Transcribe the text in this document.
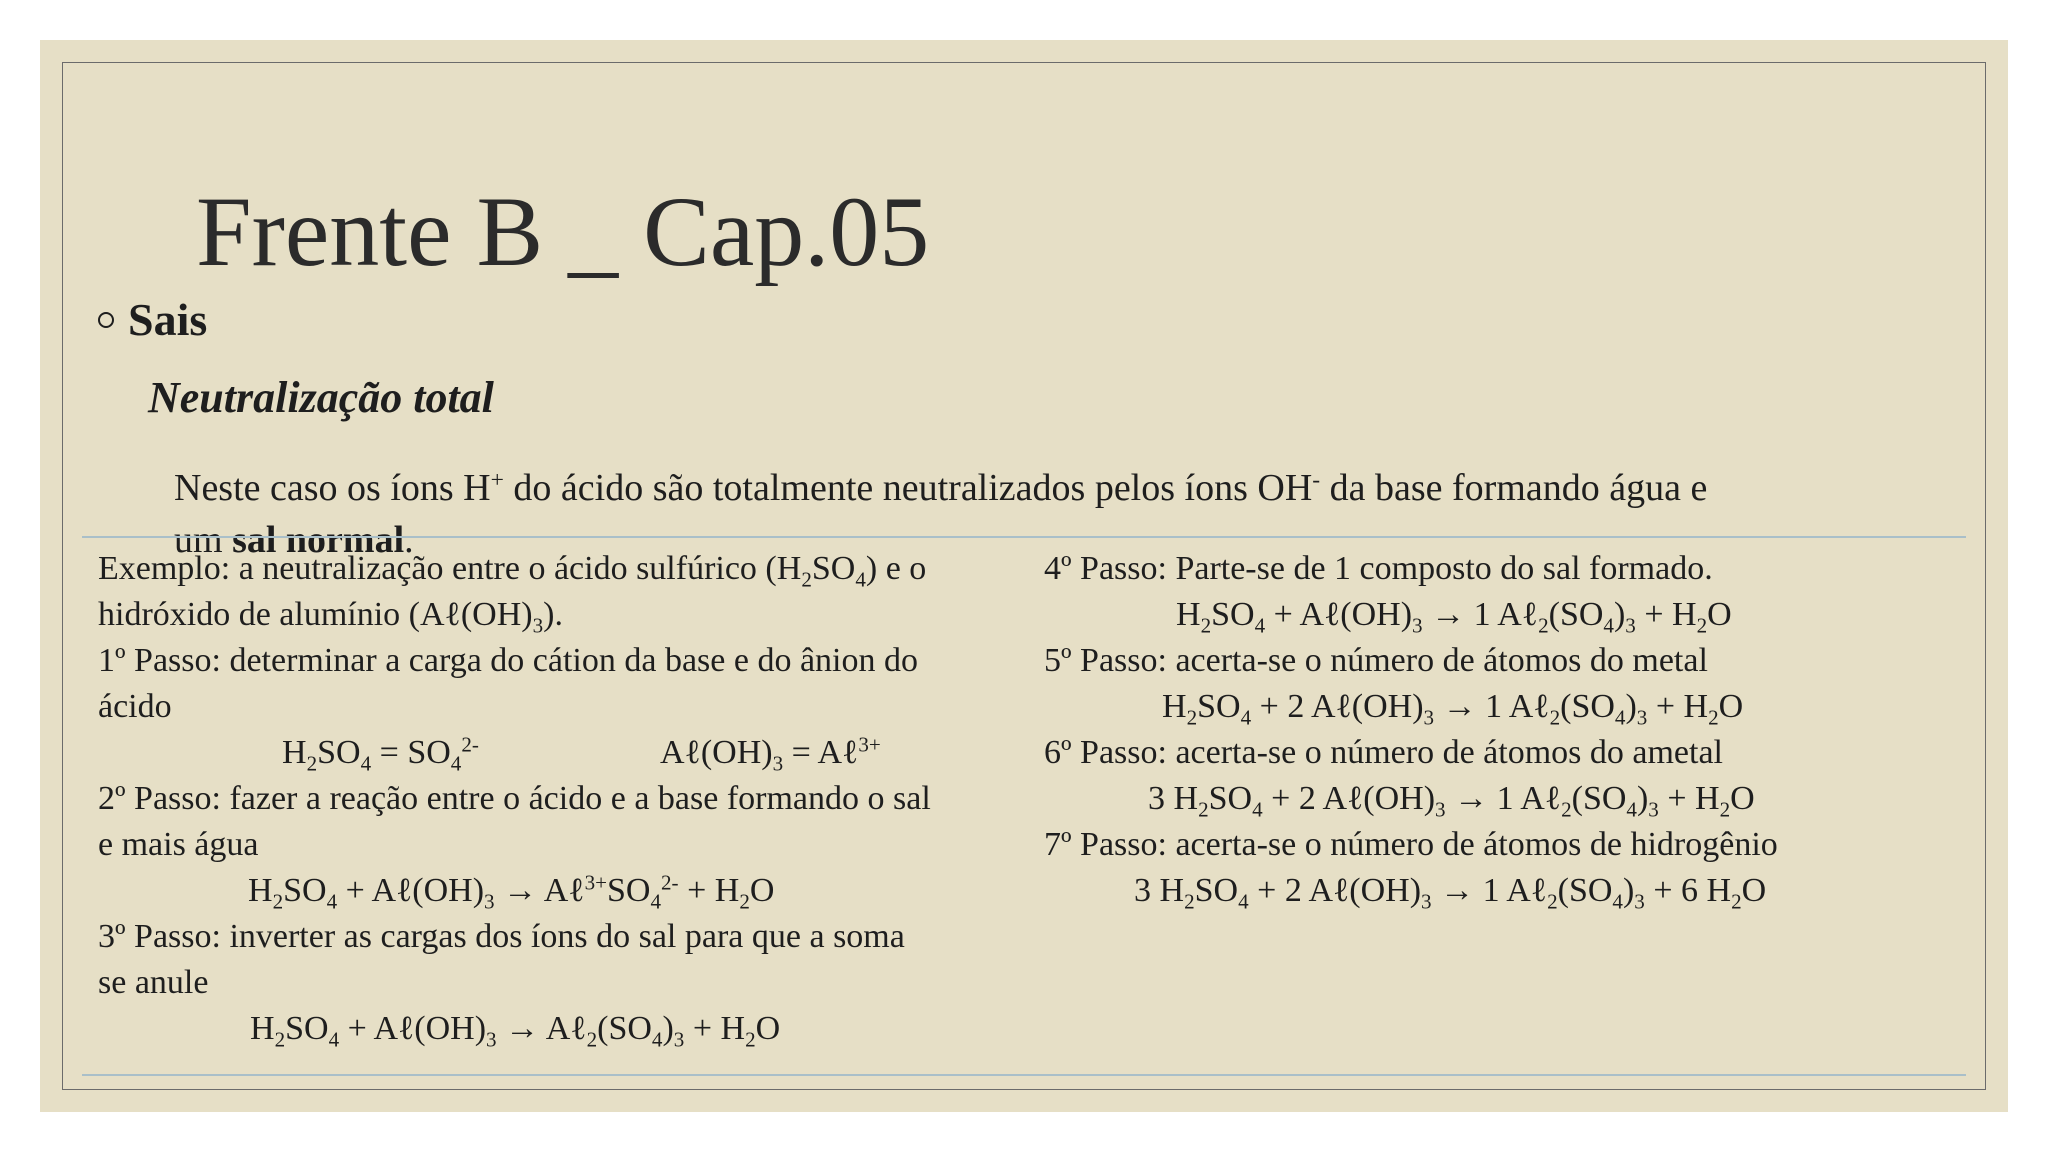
Frente B _ Cap.05
Sais
Neutralização total

Neste caso os íons H+ do ácido são totalmente neutralizados pelos íons OH- da base formando água e

um sal normal.

Exemplo: a neutralização entre o ácido sulfúrico $(H_2SO_4)$ e o
hidróxido de alumínio $(A\ell(OH)_3)$.
1º Passo: determinar a carga do cátion da base e do ânion do
ácido
$H_2SO_4 = SO_4^{2-}$	$A\ell(OH)_3$ = Aℓ$^{3+}$
2º Passo: fazer a reação entre o ácido e a base formando o sal
e mais água
$H_2SO_4$ + $A\ell(OH)_3$ → $A\ell^{3+}SO_4^{2-} + H_2O$
3º Passo: inverter as cargas dos íons do sal para que a soma
se anule
$H_2SO_4$ + $A\ell(OH)_3$ → $A\ell_2(SO_4)_3 + H_2O$
4º Passo: Parte-se de 1 composto do sal formado.
$H_2SO_4$ + $A\ell(OH)_3 \to 1$ $A\ell_2(SO_4)_3 + H_2O$
5º Passo: acerta-se o número de átomos do metal
$H_2SO_4 + 2$ $A\ell(OH)_3 \to 1$ $A\ell_2(SO_4)_3 + H_2O$
6º Passo: acerta-se o número de átomos do ametal
3 $H_2SO_4 + 2$ $A\ell(OH)_3 \to 1$ $A\ell_2(SO_4)_3 + H_2O$
7º Passo: acerta-se o número de átomos de hidrogênio
3 $H_2SO_4 + 2$ $A\ell(OH)_3 \to 1$ $A\ell_2(SO_4)_3 + 6$ $H_2O$
